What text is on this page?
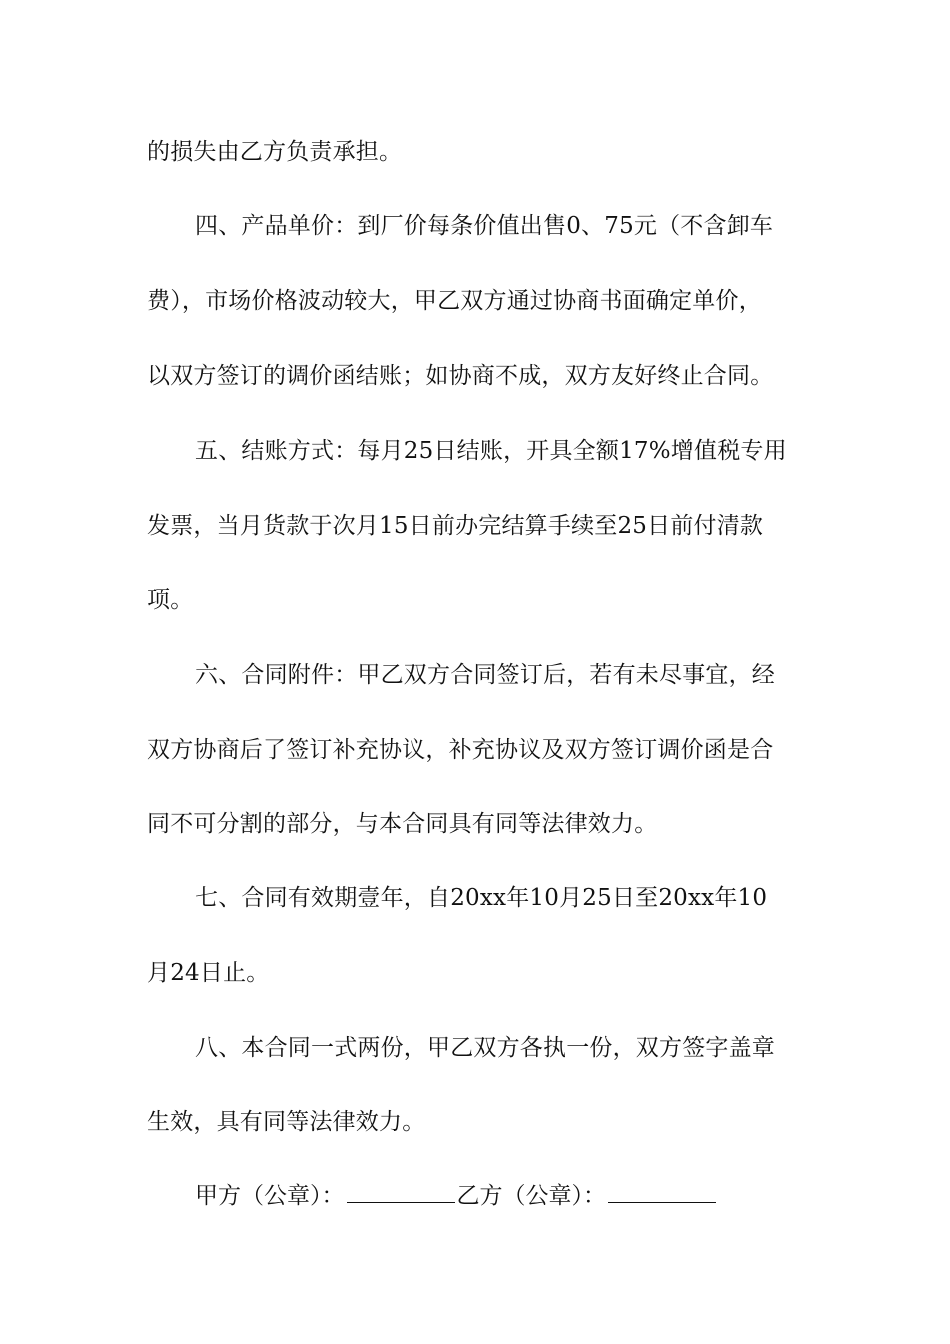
的损失由乙方负责承担。
四、产品单价：到厂价每条价值出售0、75元（不含卸车
费），市场价格波动较大，甲乙双方通过协商书面确定单价，
以双方签订的调价函结账；如协商不成，双方友好终止合同。
五、结账方式：每月25日结账，开具全额17%增值税专用
发票，当月货款于次月15日前办完结算手续至25日前付清款
项。
六、合同附件：甲乙双方合同签订后，若有未尽事宜，经
双方协商后了签订补充协议，补充协议及双方签订调价函是合
同不可分割的部分，与本合同具有同等法律效力。
七、合同有效期壹年，自20xx年10月25日至20xx年10
月24日止。
八、本合同一式两份，甲乙双方各执一份，双方签字盖章
生效，具有同等法律效力。
甲方（公章）：	乙方（公章）：
